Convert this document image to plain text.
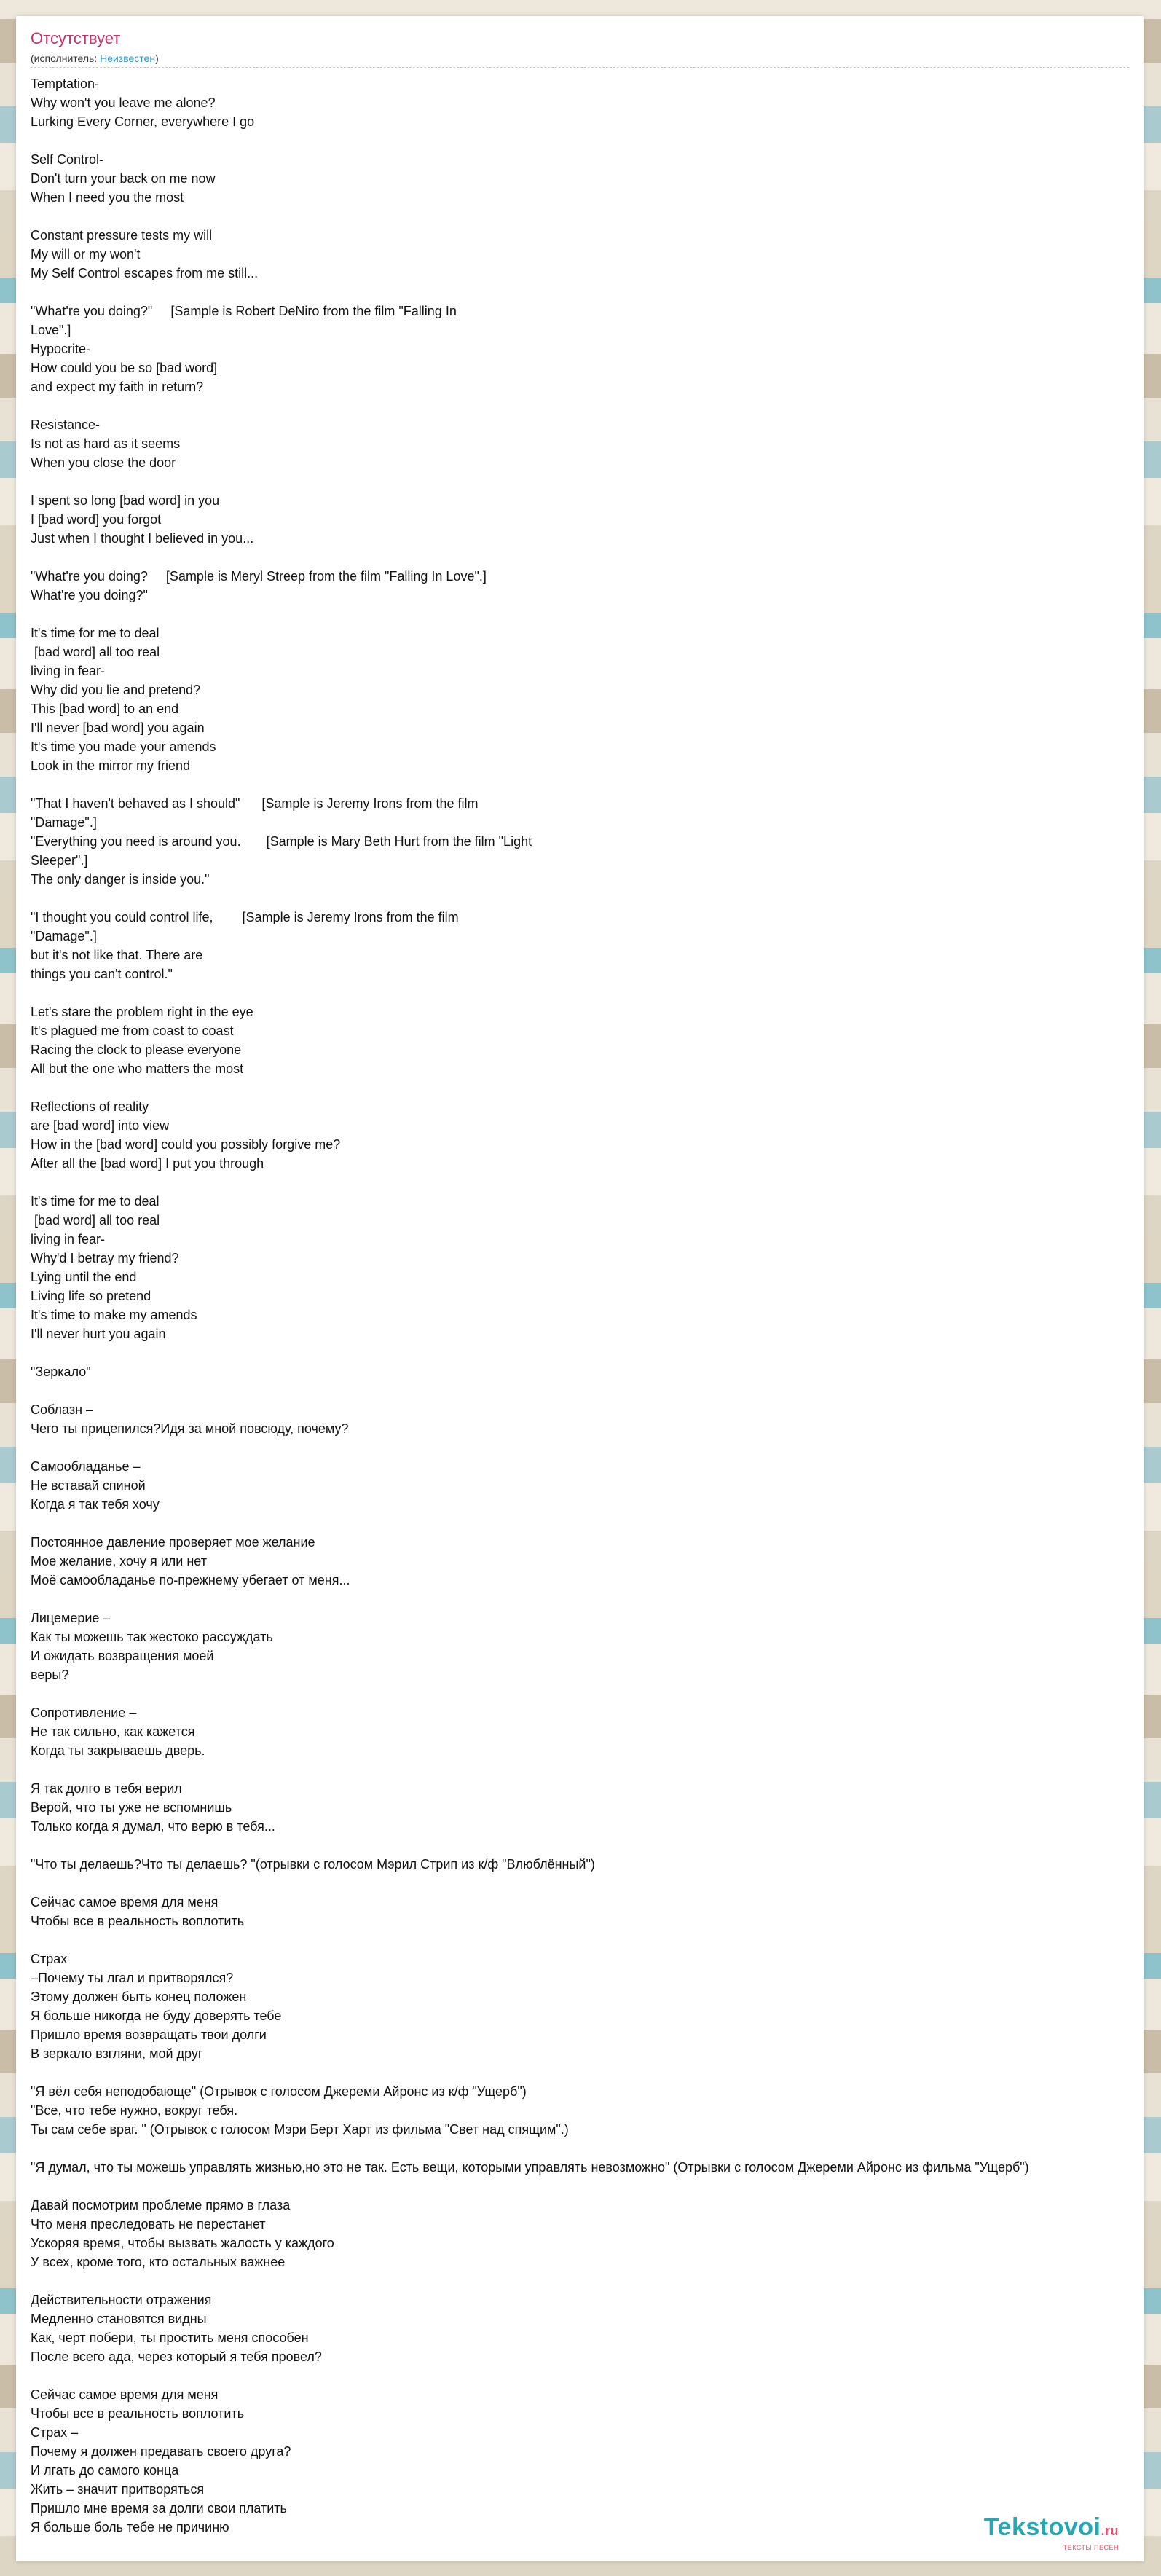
Отсутствует
(исполнитель: Неизвестен)
Temptation-
Why won't you leave me alone?
Lurking Every Corner, everywhere I go

Self Control-
Don't turn your back on me now
When I need you the most

Constant pressure tests my will
My will or my won't
My Self Control escapes from me still...

"What're you doing?"     [Sample is Robert DeNiro from the film "Falling In
Love".]
Hypocrite-
How could you be so [bad word]
and expect my faith in return?

Resistance-
Is not as hard as it seems
When you close the door

I spent so long [bad word] in you
I [bad word] you forgot
Just when I thought I believed in you...

"What're you doing?     [Sample is Meryl Streep from the film "Falling In Love".]
What're you doing?"

It's time for me to deal
[bad word] all too real
living in fear-
Why did you lie and pretend?
This [bad word] to an end
I'll never [bad word] you again
It's time you made your amends
Look in the mirror my friend

"That I haven't behaved as I should"      [Sample is Jeremy Irons from the film
"Damage".]
"Everything you need is around you.       [Sample is Mary Beth Hurt from the film "Light
Sleeper".]
The only danger is inside you."

"I thought you could control life,        [Sample is Jeremy Irons from the film
"Damage".]
but it's not like that. There are
things you can't control."

Let's stare the problem right in the eye
It's plagued me from coast to coast
Racing the clock to please everyone
All but the one who matters the most

Reflections of reality
are [bad word] into view
How in the [bad word] could you possibly forgive me?
After all the [bad word] I put you through

It's time for me to deal
[bad word] all too real
living in fear-
Why'd I betray my friend?
Lying until the end
Living life so pretend
It's time to make my amends
I'll never hurt you again

"Зеркало"

Соблазн –
Чего ты прицепился?Идя за мной повсюду, почему?

Самообладанье –
Не вставай спиной
Когда я так тебя хочу

Постоянное давление проверяет мое желание
Мое желание, хочу я или нет
Моё самообладанье по-прежнему убегает от меня...

Лицемерие –
Как ты можешь так жестоко рассуждать
И ожидать возвращения моей
веры?

Сопротивление –
Не так сильно, как кажется
Когда ты закрываешь дверь.

Я так долго в тебя верил
Верой, что ты уже не вспомнишь
Только когда я думал, что верю в тебя...

"Что ты делаешь?Что ты делаешь? "(отрывки с голосом Мэрил Стрип из к/ф "Влюблённый")

Сейчас самое время для меня
Чтобы все в реальность воплотить

Страх
–Почему ты лгал и притворялся?
Этому должен быть конец положен
Я больше никогда не буду доверять тебе
Пришло время возвращать твои долги
В зеркало взгляни, мой друг

"Я вёл себя неподобающе" (Отрывок с голосом Джереми Айронс из к/ф "Ущерб")
"Все, что тебе нужно, вокруг тебя.
Ты сам себе враг. " (Отрывок с голосом Мэри Берт Харт из фильма "Свет над спящим".)

"Я думал, что ты можешь управлять жизнью,но это не так. Есть вещи, которыми управлять невозможно" (Отрывки с голосом Джереми Айронс из фильма "Ущерб")

Давай посмотрим проблеме прямо в глаза
Что меня преследовать не перестанет
Ускоряя время, чтобы вызвать жалость у каждого
У всех, кроме того, кто остальных важнее

Действительности отражения
Медленно становятся видны
Как, черт побери, ты простить меня способен
После всего ада, через который я тебя провел?

Сейчас самое время для меня
Чтобы все в реальность воплотить
Страх –
Почему я должен предавать своего друга?
И лгать до самого конца
Жить – значит притворяться
Пришло мне время за долги свои платить
Я больше боль тебе не причиню	Tekstovoi.ru
ТЕКСТЫ ПЕСЕН
